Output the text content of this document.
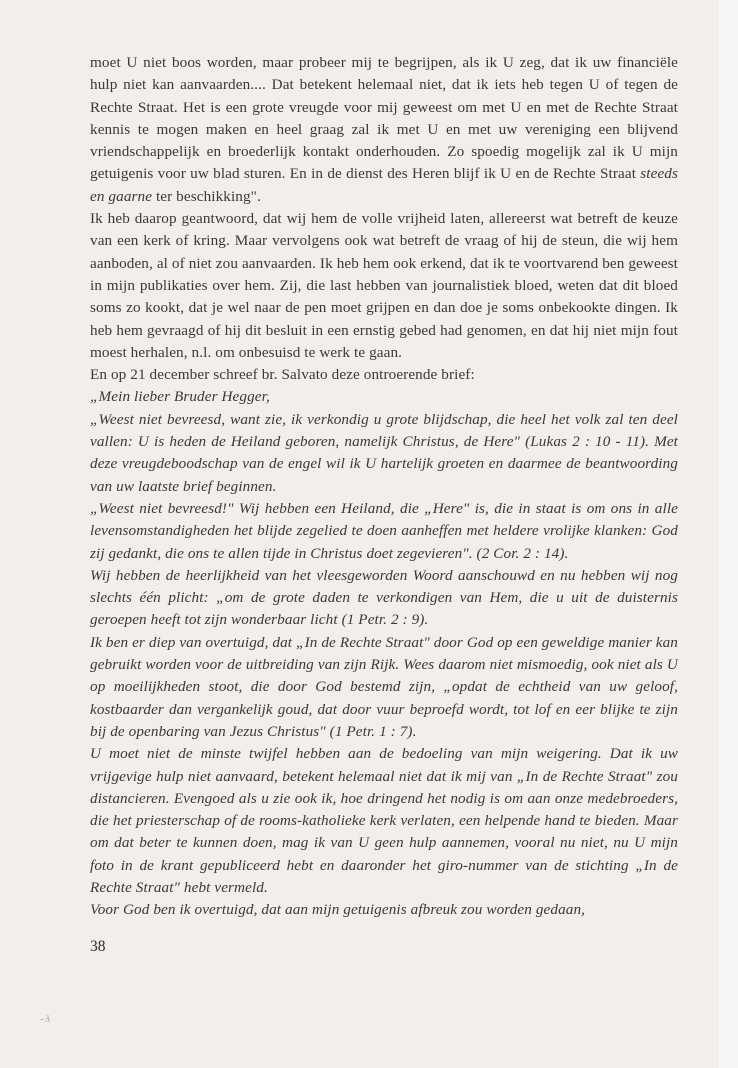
moet U niet boos worden, maar probeer mij te begrijpen, als ik U zeg, dat ik uw financiële hulp niet kan aanvaarden.... Dat betekent helemaal niet, dat ik iets heb tegen U of tegen de Rechte Straat. Het is een grote vreugde voor mij geweest om met U en met de Rechte Straat kennis te mogen maken en heel graag zal ik met U en met uw vereniging een blijvend vriendschappelijk en broederlijk kontakt onderhouden. Zo spoedig mogelijk zal ik U mijn getuigenis voor uw blad sturen. En in de dienst des Heren blijf ik U en de Rechte Straat steeds en gaarne ter beschikking".

Ik heb daarop geantwoord, dat wij hem de volle vrijheid laten, allereerst wat betreft de keuze van een kerk of kring. Maar vervolgens ook wat betreft de vraag of hij de steun, die wij hem aanboden, al of niet zou aanvaarden. Ik heb hem ook erkend, dat ik te voortvarend ben geweest in mijn publikaties over hem. Zij, die last hebben van journalistiek bloed, weten dat dit bloed soms zo kookt, dat je wel naar de pen moet grijpen en dan doe je soms onbekookte dingen. Ik heb hem gevraagd of hij dit besluit in een ernstig gebed had genomen, en dat hij niet mijn fout moest herhalen, n.l. om onbesuisd te werk te gaan.

En op 21 december schreef br. Salvato deze ontroerende brief:

„Mein lieber Bruder Hegger,

„Weest niet bevreesd, want zie, ik verkondig u grote blijdschap, die heel het volk zal ten deel vallen: U is heden de Heiland geboren, namelijk Christus, de Here" (Lukas 2 : 10 - 11). Met deze vreugdeboodschap van de engel wil ik U hartelijk groeten en daarmee de beantwoording van uw laatste brief beginnen.

„Weest niet bevreesd!" Wij hebben een Heiland, die „Here" is, die in staat is om ons in alle levensomstandigheden het blijde zegelied te doen aanheffen met heldere vrolijke klanken: God zij gedankt, die ons te allen tijde in Christus doet zegevieren". (2 Cor. 2 : 14).

Wij hebben de heerlijkheid van het vleesgeworden Woord aanschouwd en nu hebben wij nog slechts één plicht: „om de grote daden te verkondigen van Hem, die u uit de duisternis geroepen heeft tot zijn wonderbaar licht (1 Petr. 2 : 9).

Ik ben er diep van overtuigd, dat „In de Rechte Straat" door God op een geweldige manier kan gebruikt worden voor de uitbreiding van zijn Rijk. Wees daarom niet mismoedig, ook niet als U op moeilijkheden stoot, die door God bestemd zijn, „opdat de echtheid van uw geloof, kostbaarder dan vergankelijk goud, dat door vuur beproefd wordt, tot lof en eer blijke te zijn bij de openbaring van Jezus Christus" (1 Petr. 1 : 7).

U moet niet de minste twijfel hebben aan de bedoeling van mijn weigering. Dat ik uw vrijgevige hulp niet aanvaard, betekent helemaal niet dat ik mij van „In de Rechte Straat" zou distancieren. Evengoed als u zie ook ik, hoe dringend het nodig is om aan onze medebroeders, die het priesterschap of de rooms-katholieke kerk verlaten, een helpende hand te bieden. Maar om dat beter te kunnen doen, mag ik van U geen hulp aannemen, vooral nu niet, nu U mijn foto in de krant gepubliceerd hebt en daaronder het giro-nummer van de stichting „In de Rechte Straat" hebt vermeld.

Voor God ben ik overtuigd, dat aan mijn getuigenis afbreuk zou worden gedaan,

38
-ⅎ
